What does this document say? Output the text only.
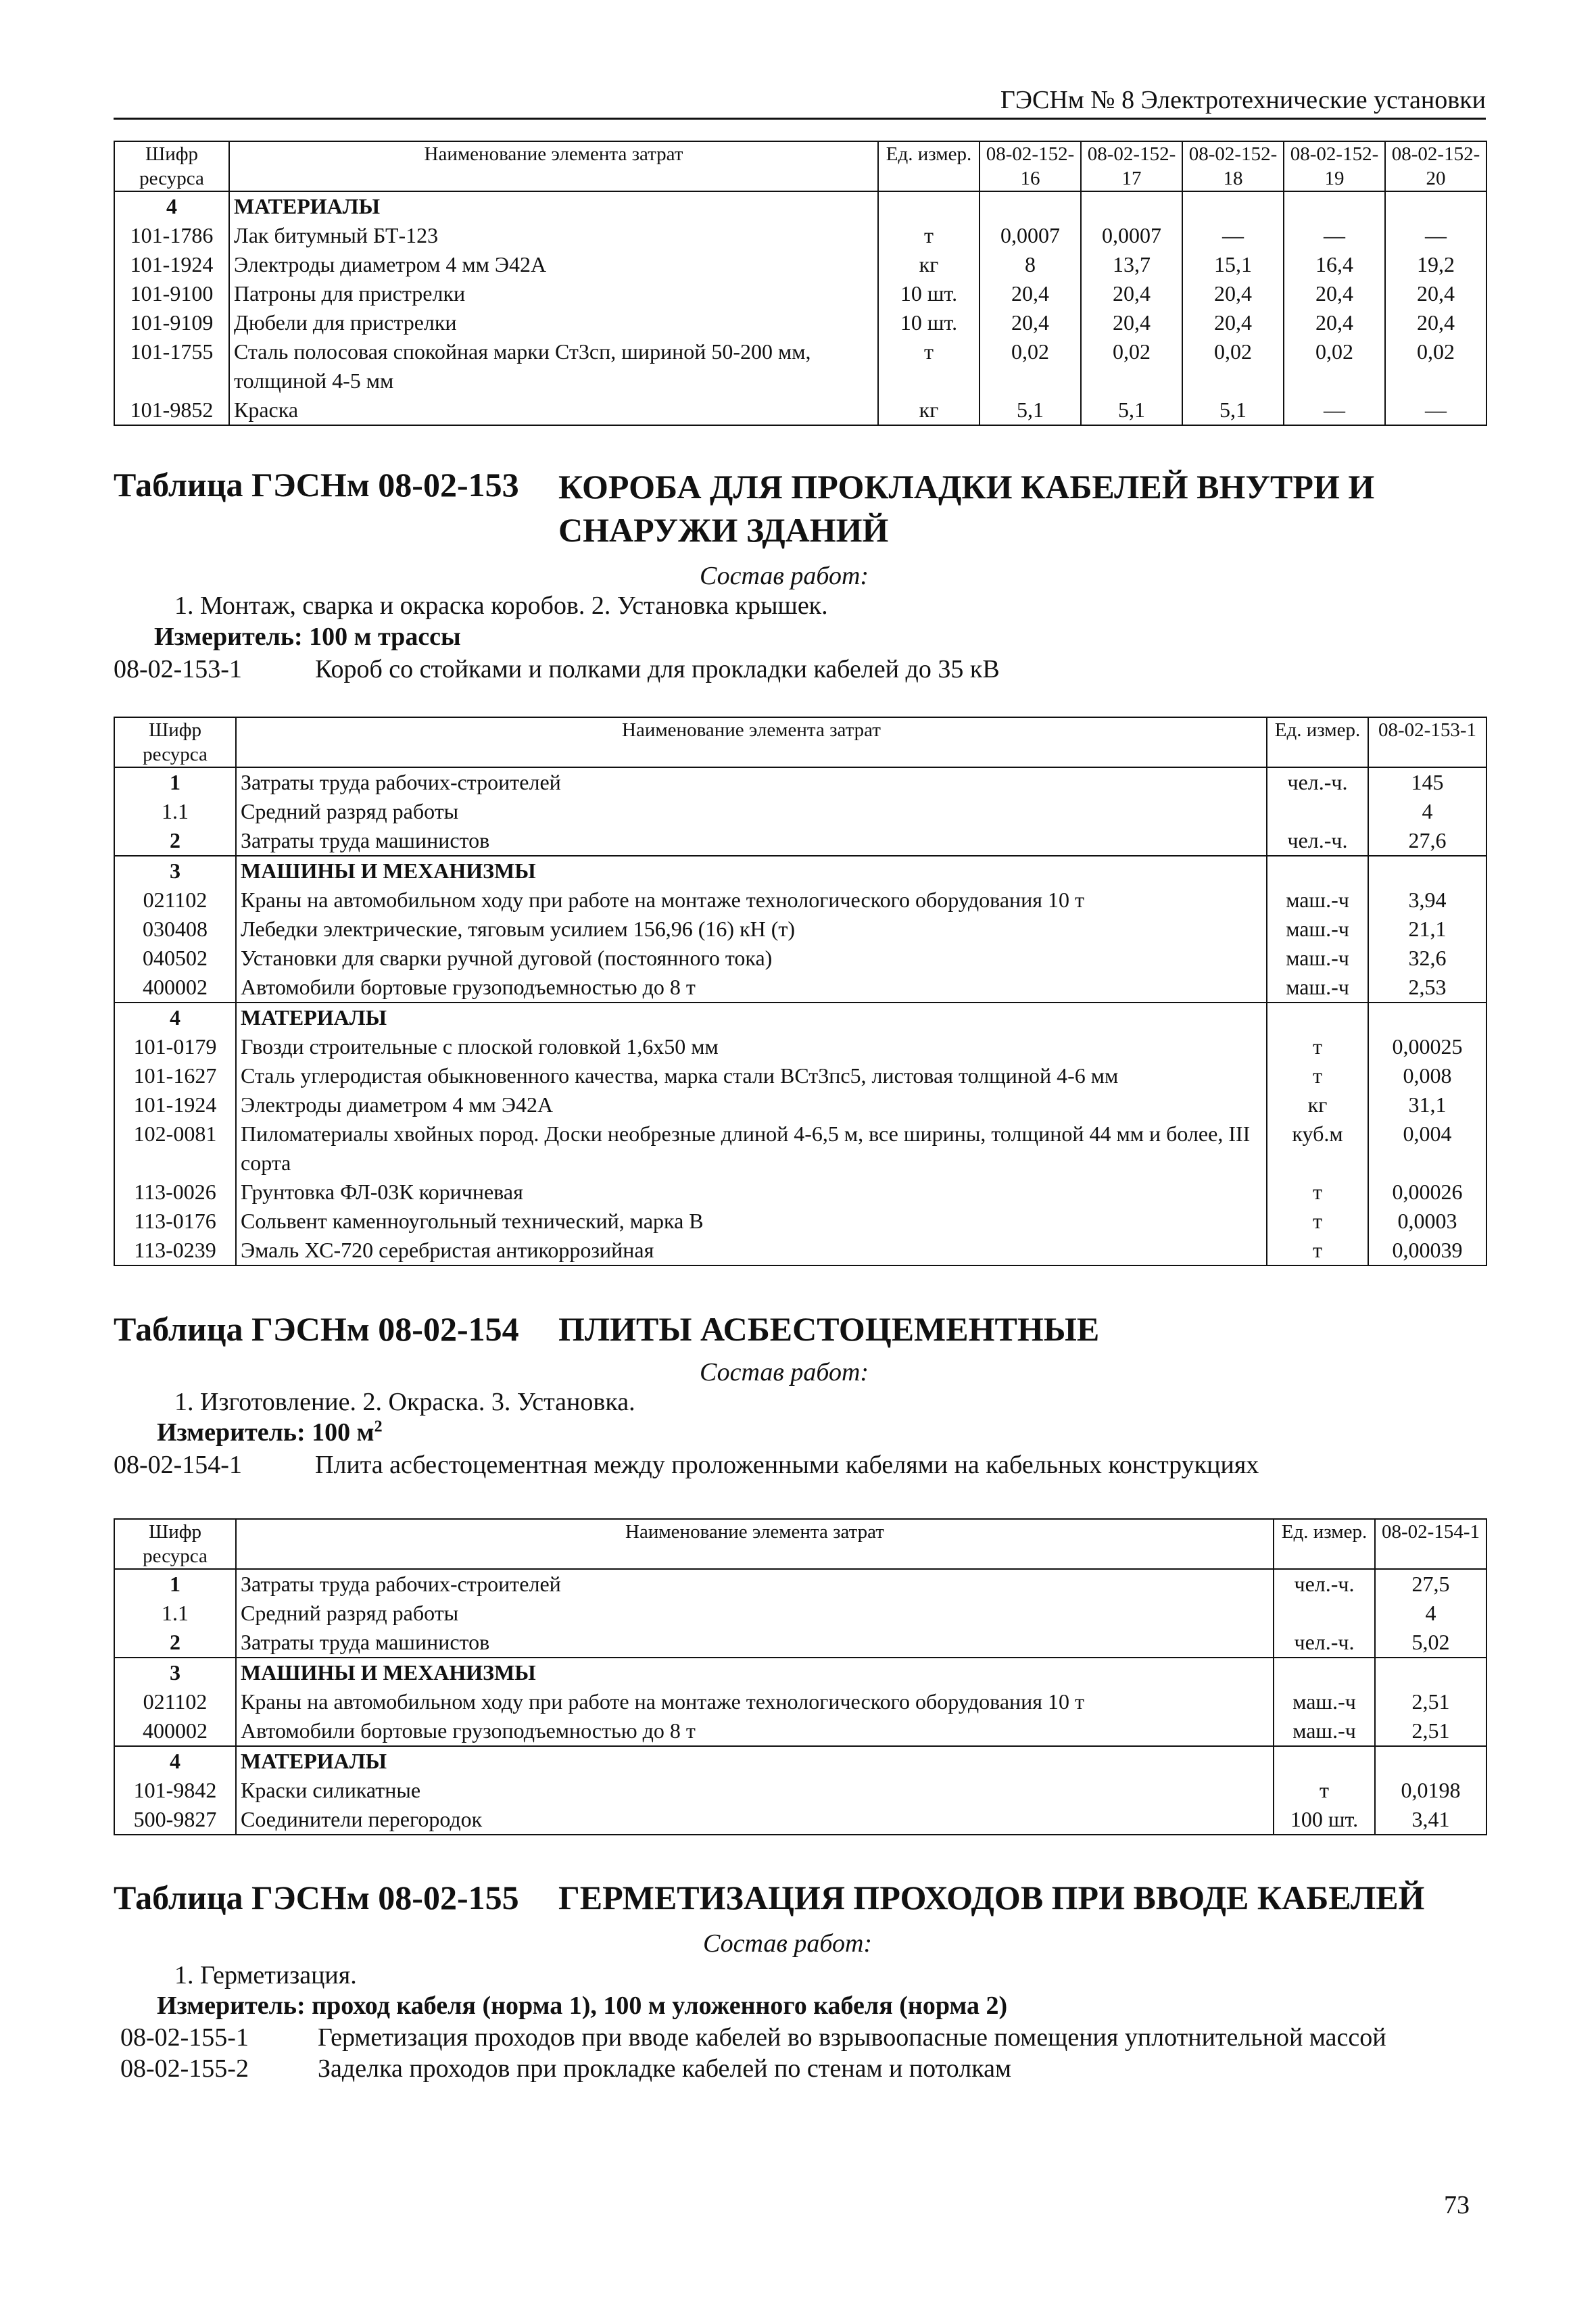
ГЭСНм № 8 Электротехнические установки
Шифр ресурса	Наименование элемента затрат	Ед. измер.	08-02-152-16	08-02-152-17	08-02-152-18	08-02-152-19	08-02-152-20
4	МАТЕРИАЛЫ						
101-1786	Лак битумный БТ-123	т	0,0007	0,0007	—	—	—
101-1924	Электроды диаметром 4 мм Э42А	кг	8	13,7	15,1	16,4	19,2
101-9100	Патроны для пристрелки	10 шт.	20,4	20,4	20,4	20,4	20,4
101-9109	Дюбели для пристрелки	10 шт.	20,4	20,4	20,4	20,4	20,4
101-1755	Сталь полосовая спокойная марки Ст3сп, шириной 50-200 мм, толщиной 4-5 мм	т	0,02	0,02	0,02	0,02	0,02
101-9852	Краска	кг	5,1	5,1	5,1	—	—
Таблица ГЭСНм 08-02-153 КОРОБА ДЛЯ ПРОКЛАДКИ КАБЕЛЕЙ ВНУТРИ И СНАРУЖИ ЗДАНИЙ
Состав работ:
1. Монтаж, сварка и окраска коробов. 2. Установка крышек.
Измеритель: 100 м трассы
08-02-153-1	Короб со стойками и полками для прокладки кабелей до 35 кВ
Шифр ресурса	Наименование элемента затрат	Ед. измер.	08-02-153-1
1	Затраты труда рабочих-строителей	чел.-ч.	145
1.1	Средний разряд работы		4
2	Затраты труда машинистов	чел.-ч.	27,6
3	МАШИНЫ И МЕХАНИЗМЫ		
021102	Краны на автомобильном ходу при работе на монтаже технологического оборудования 10 т	маш.-ч	3,94
030408	Лебедки электрические, тяговым усилием 156,96 (16) кН (т)	маш.-ч	21,1
040502	Установки для сварки ручной дуговой (постоянного тока)	маш.-ч	32,6
400002	Автомобили бортовые грузоподъемностью до 8 т	маш.-ч	2,53
4	МАТЕРИАЛЫ		
101-0179	Гвозди строительные с плоской головкой 1,6х50 мм	т	0,00025
101-1627	Сталь углеродистая обыкновенного качества, марка стали ВСт3пс5, листовая толщиной 4-6 мм	т	0,008
101-1924	Электроды диаметром 4 мм Э42А	кг	31,1
102-0081	Пиломатериалы хвойных пород. Доски необрезные длиной 4-6,5 м, все ширины, толщиной 44 мм и более, III сорта	куб.м	0,004
113-0026	Грунтовка ФЛ-03К коричневая	т	0,00026
113-0176	Сольвент каменноугольный технический, марка В	т	0,0003
113-0239	Эмаль ХС-720 серебристая антикоррозийная	т	0,00039
Таблица ГЭСНм 08-02-154 ПЛИТЫ АСБЕСТОЦЕМЕНТНЫЕ
Состав работ:
1. Изготовление. 2. Окраска. 3. Установка.
Измеритель: 100 $м^2$
08-02-154-1	Плита асбестоцементная между проложенными кабелями на кабельных конструкциях
Шифр ресурса	Наименование элемента затрат	Ед. измер.	08-02-154-1
1	Затраты труда рабочих-строителей	чел.-ч.	27,5
1.1	Средний разряд работы		4
2	Затраты труда машинистов	чел.-ч.	5,02
3	МАШИНЫ И МЕХАНИЗМЫ		
021102	Краны на автомобильном ходу при работе на монтаже технологического оборудования 10 т	маш.-ч	2,51
400002	Автомобили бортовые грузоподъемностью до 8 т	маш.-ч	2,51
4	МАТЕРИАЛЫ		
101-9842	Краски силикатные	т	0,0198
500-9827	Соединители перегородок	100 шт.	3,41
Таблица ГЭСНм 08-02-155 ГЕРМЕТИЗАЦИЯ ПРОХОДОВ ПРИ ВВОДЕ КАБЕЛЕЙ
Состав работ:
1. Герметизация.
Измеритель: проход кабеля (норма 1), 100 м уложенного кабеля (норма 2)
08-02-155-1	Герметизация проходов при вводе кабелей во взрывоопасные помещения уплотнительной массой
08-02-155-2	Заделка проходов при прокладке кабелей по стенам и потолкам
73
